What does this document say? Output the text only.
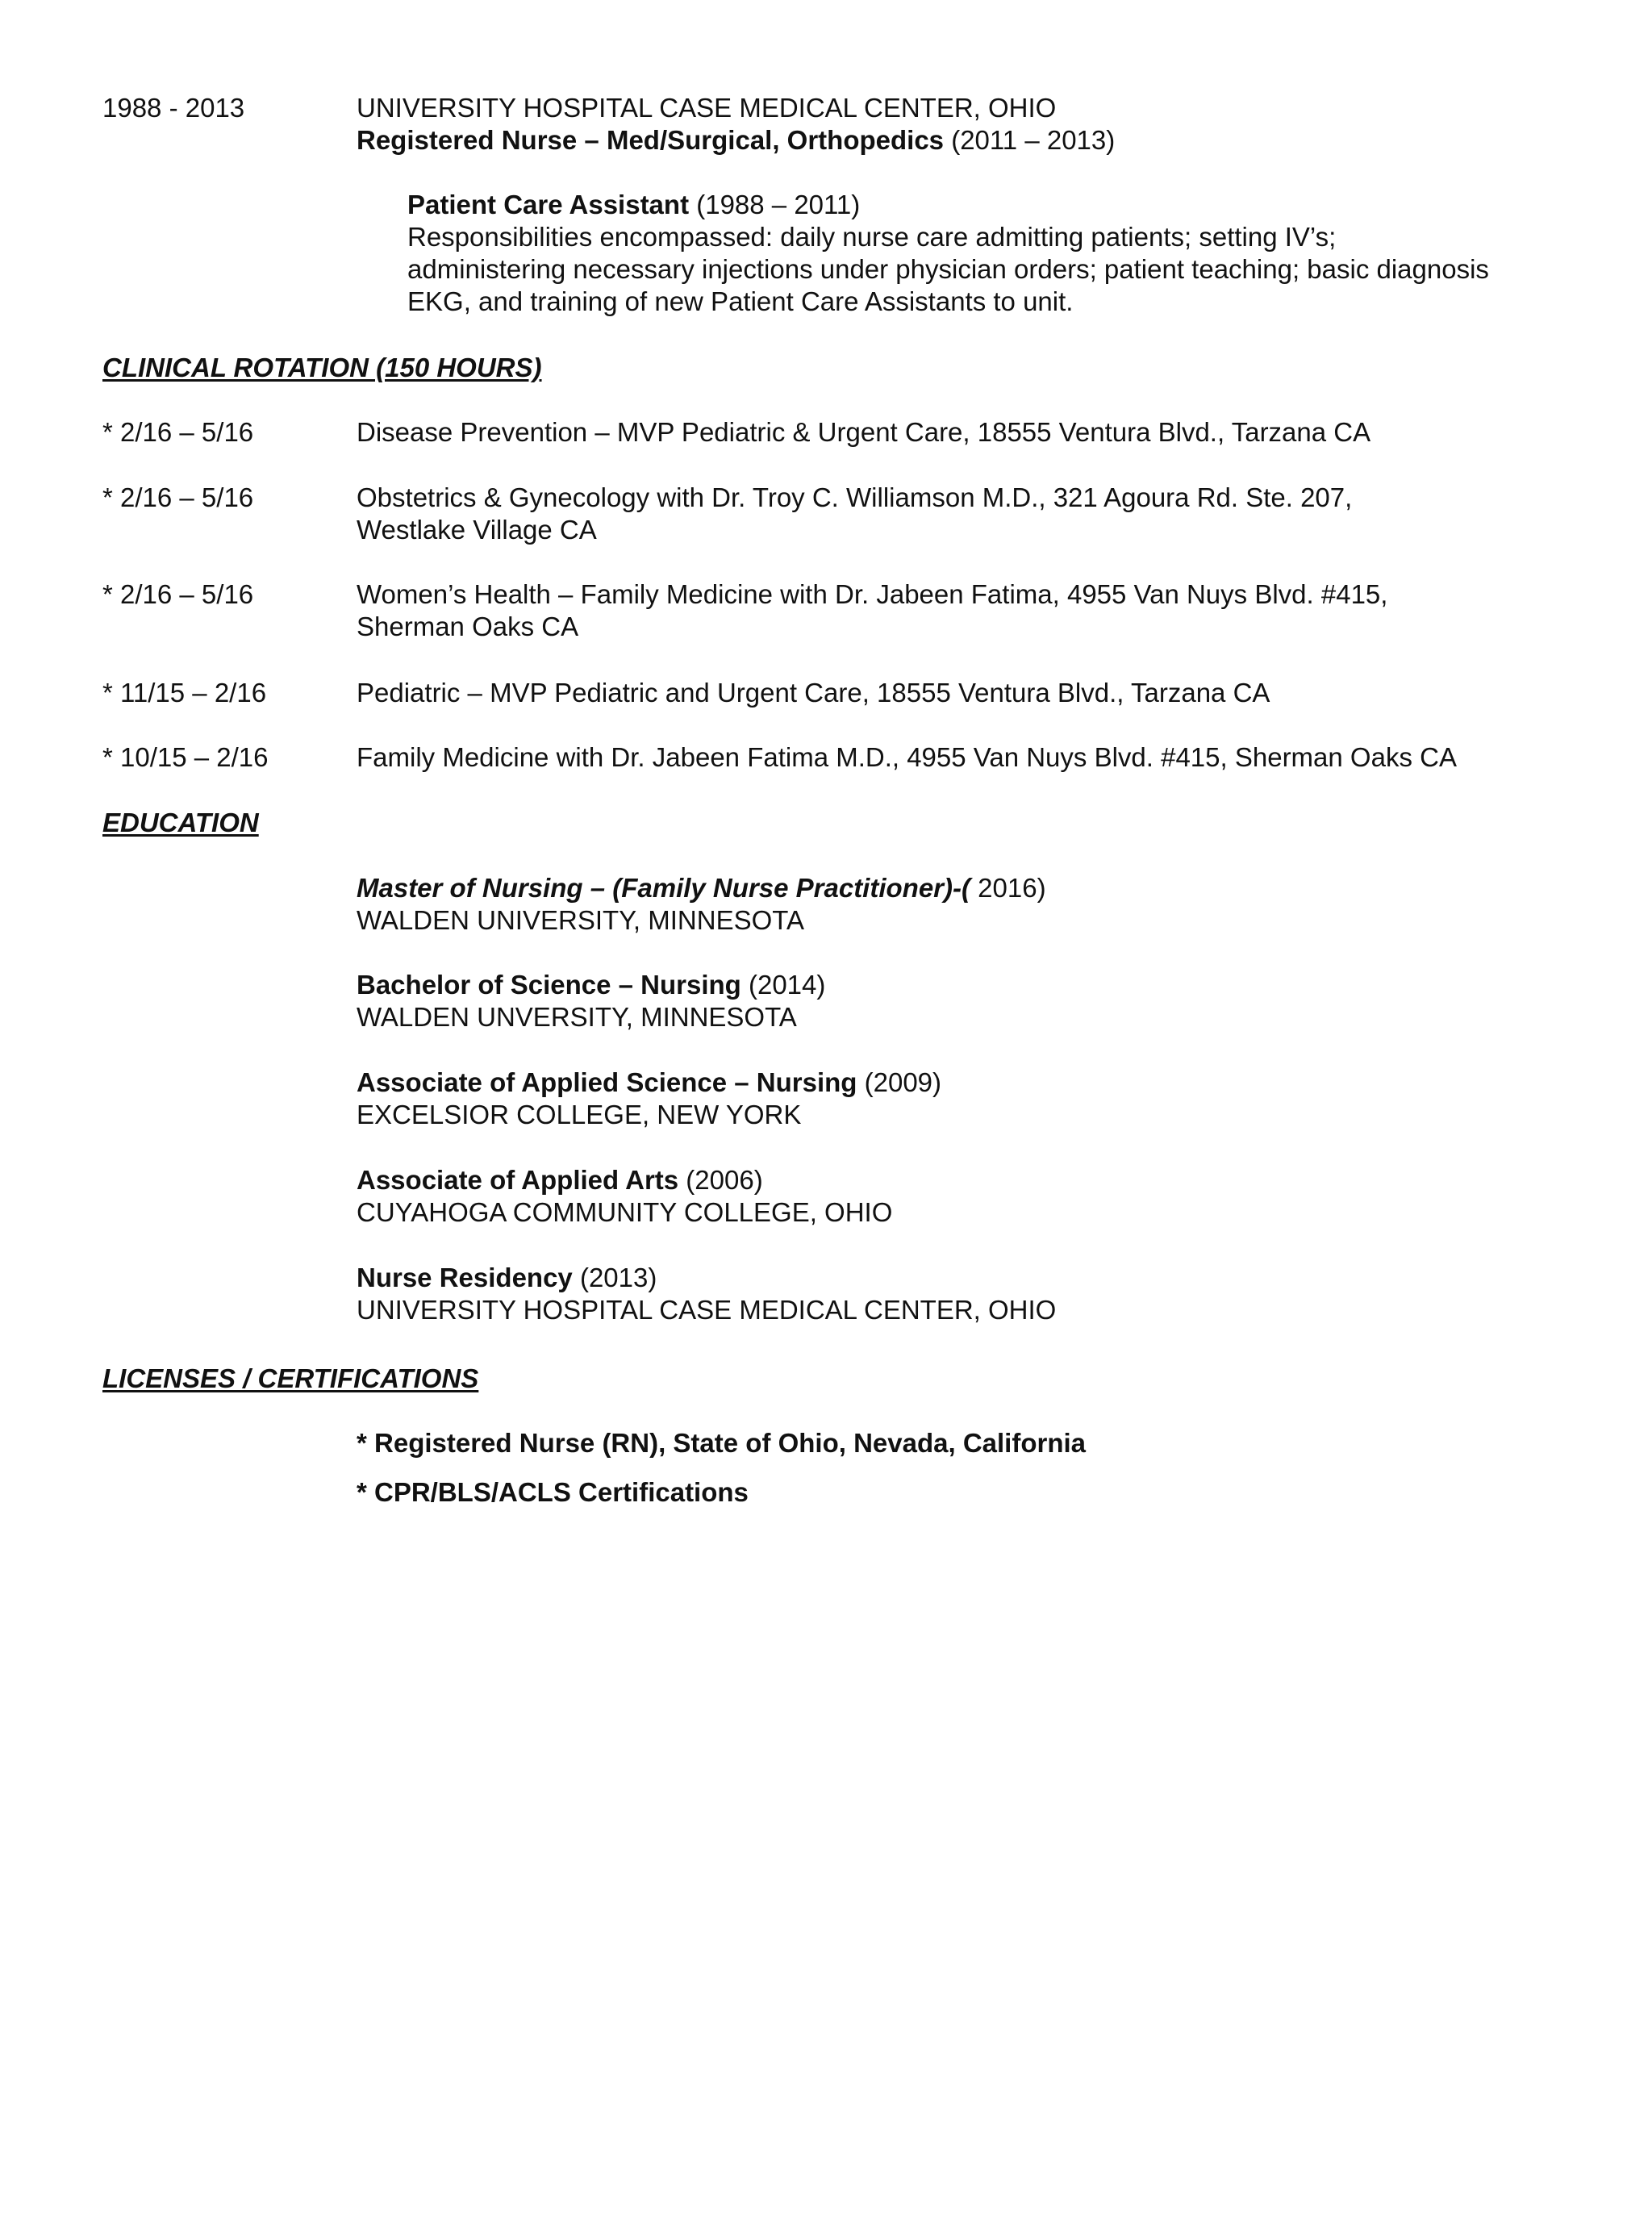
1988 - 2013	UNIVERSITY HOSPITAL CASE MEDICAL CENTER, OHIO
Registered Nurse – Med/Surgical, Orthopedics (2011 – 2013)
Patient Care Assistant (1988 – 2011)
Responsibilities encompassed: daily nurse care admitting patients; setting IV’s;
administering necessary injections under physician orders; patient teaching; basic diagnosis
EKG, and training of new Patient Care Assistants to unit.
CLINICAL ROTATION (150 HOURS)
* 2/16 – 5/16	Disease Prevention – MVP Pediatric & Urgent Care, 18555 Ventura Blvd., Tarzana CA
* 2/16 – 5/16	Obstetrics & Gynecology with Dr. Troy C. Williamson M.D., 321 Agoura Rd. Ste. 207,
Westlake Village CA
* 2/16 – 5/16	Women’s Health – Family Medicine with Dr. Jabeen Fatima, 4955 Van Nuys Blvd. #415,
Sherman Oaks CA
* 11/15 – 2/16	Pediatric – MVP Pediatric and Urgent Care, 18555 Ventura Blvd., Tarzana CA
* 10/15 – 2/16	Family Medicine with Dr. Jabeen Fatima M.D., 4955 Van Nuys Blvd. #415, Sherman Oaks CA
EDUCATION
Master of Nursing – (Family Nurse Practitioner)-( 2016)
WALDEN UNIVERSITY, MINNESOTA
Bachelor of Science – Nursing (2014)
WALDEN UNVERSITY, MINNESOTA
Associate of Applied Science – Nursing (2009)
EXCELSIOR COLLEGE, NEW YORK
Associate of Applied Arts (2006)
CUYAHOGA COMMUNITY COLLEGE, OHIO
Nurse Residency (2013)
UNIVERSITY HOSPITAL CASE MEDICAL CENTER, OHIO
LICENSES / CERTIFICATIONS
* Registered Nurse (RN), State of Ohio, Nevada, California
* CPR/BLS/ACLS Certifications
